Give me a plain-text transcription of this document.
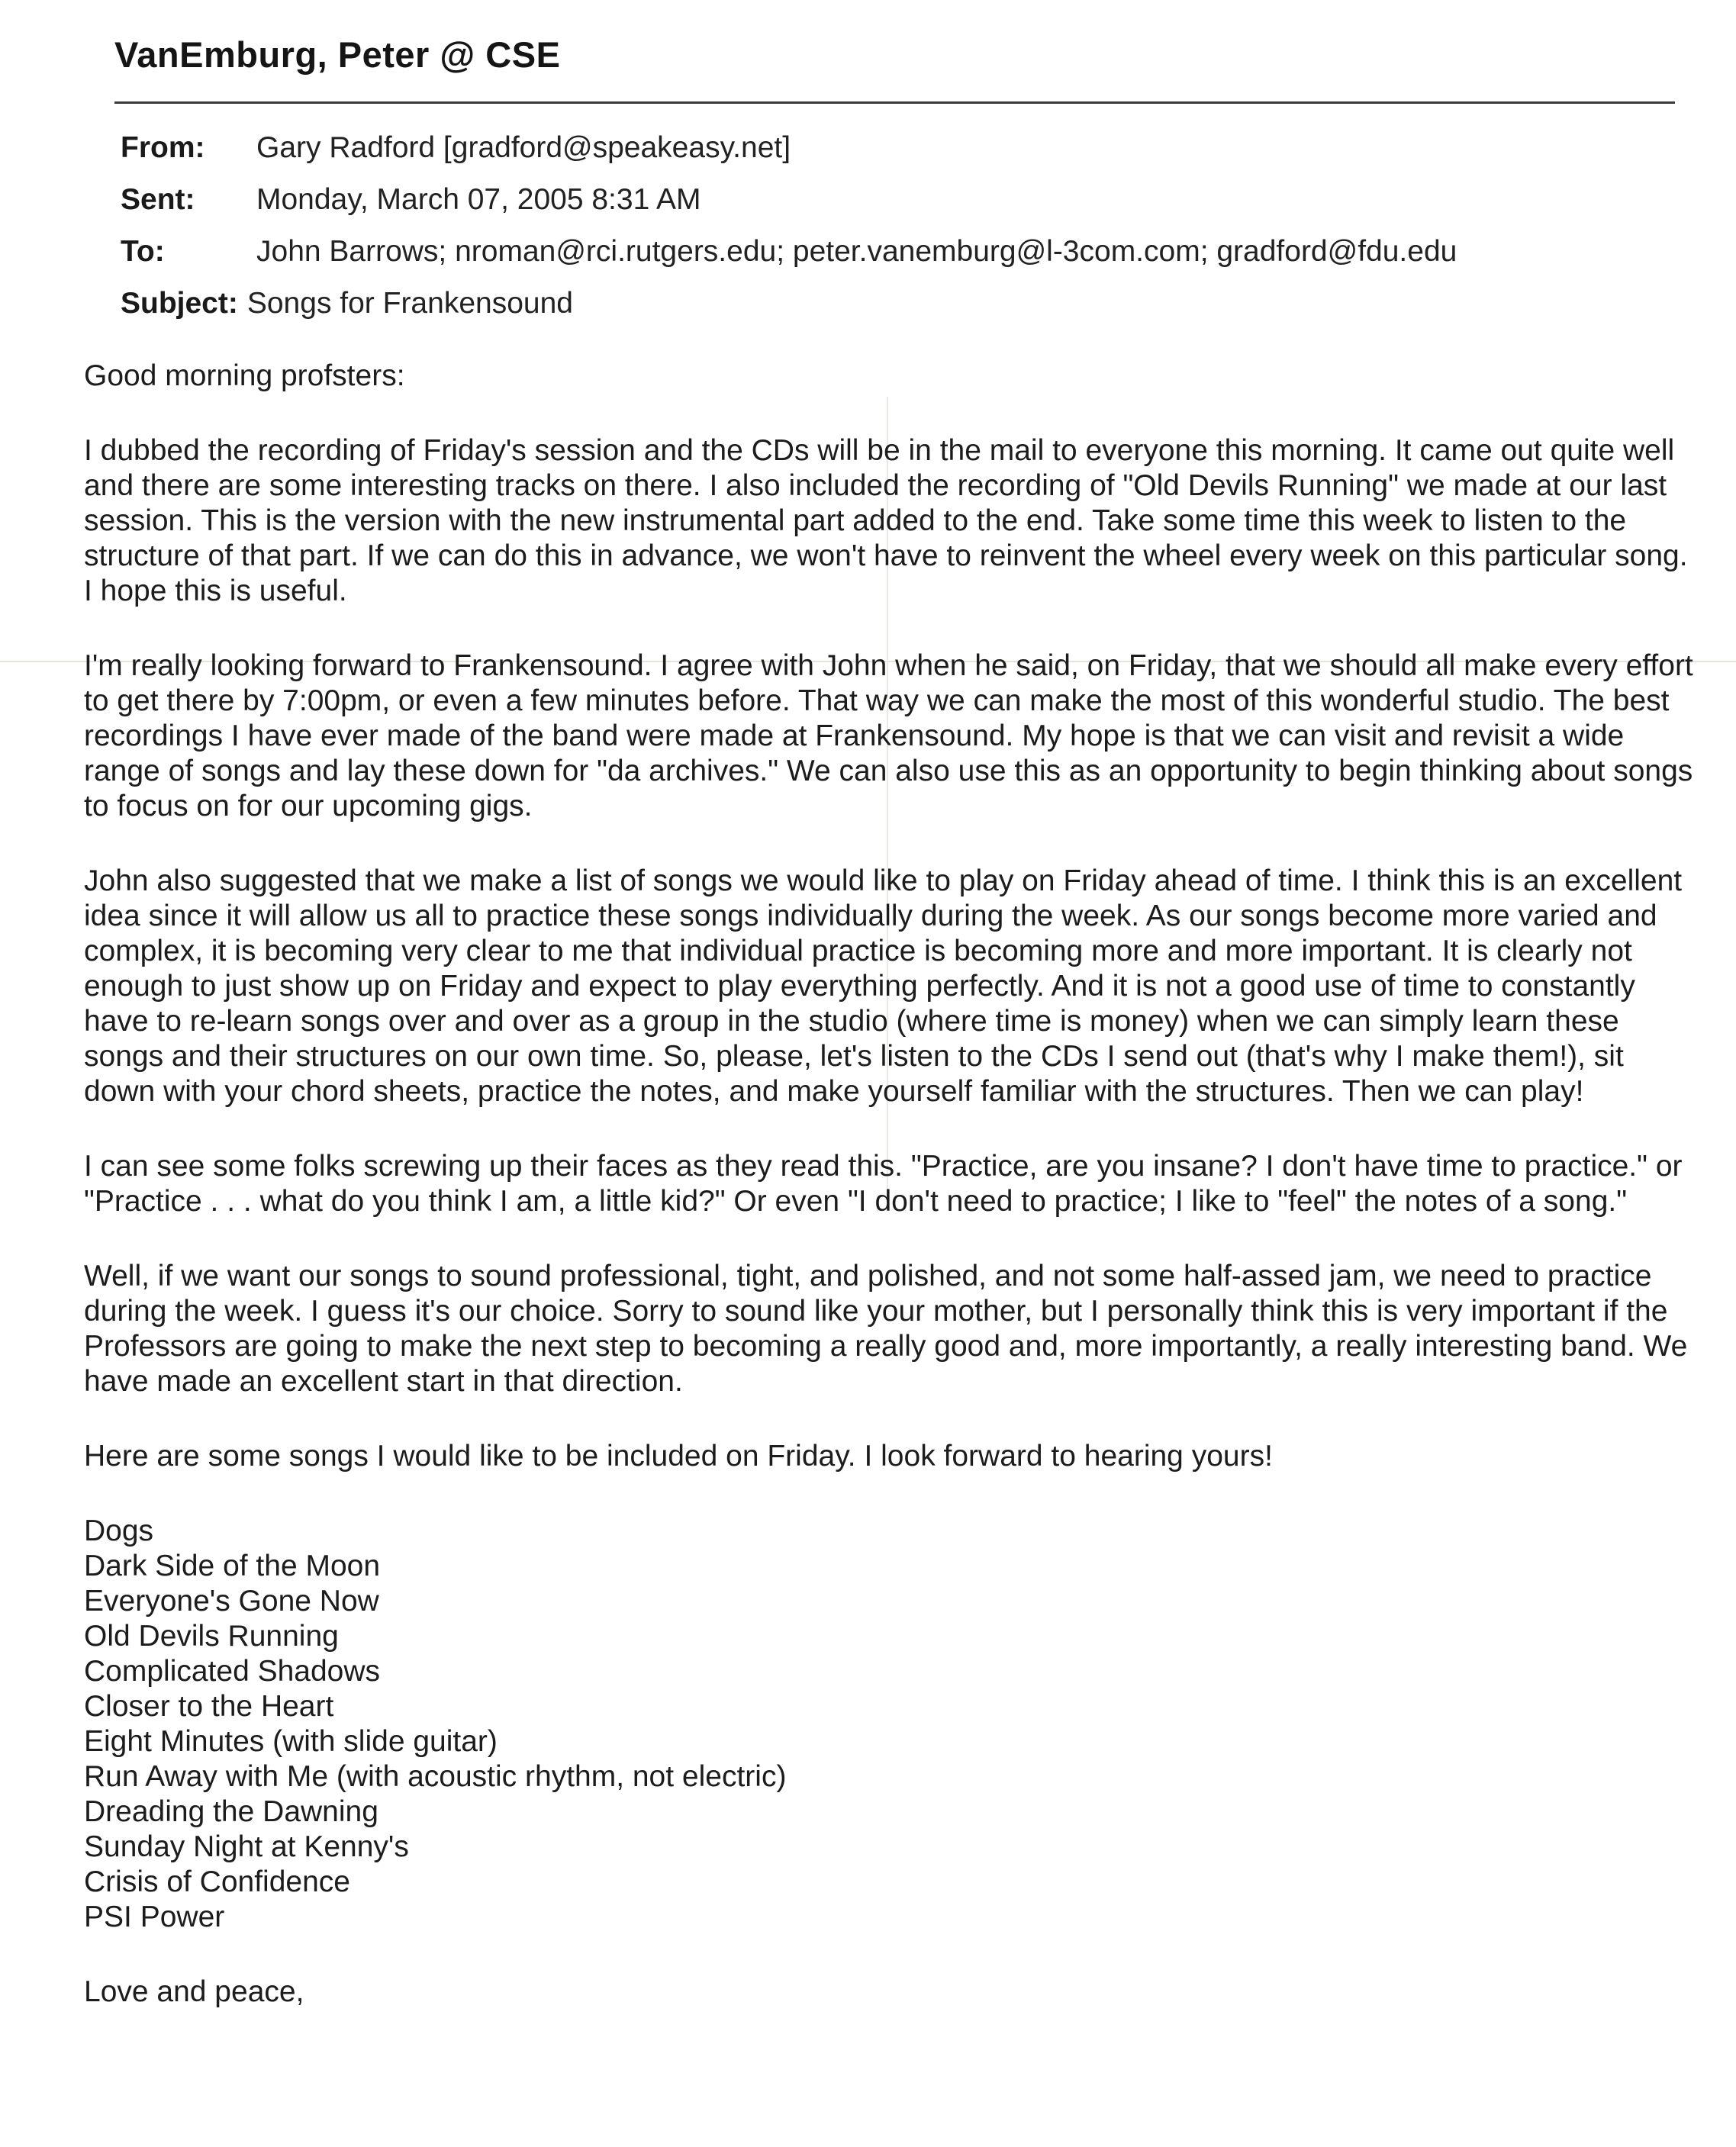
VanEmburg, Peter @ CSE
From:	Gary Radford [gradford@speakeasy.net]
Sent:	Monday, March 07, 2005 8:31 AM
To:	John Barrows; nroman@rci.rutgers.edu; peter.vanemburg@l-3com.com; gradford@fdu.edu
Subject: Songs for Frankensound

Good morning profsters:

I dubbed the recording of Friday's session and the CDs will be in the mail to everyone this morning. It came out quite well and there are some interesting tracks on there. I also included the recording of "Old Devils Running" we made at our last session. This is the version with the new instrumental part added to the end. Take some time this week to listen to the structure of that part. If we can do this in advance, we won't have to reinvent the wheel every week on this particular song. I hope this is useful.

I'm really looking forward to Frankensound. I agree with John when he said, on Friday, that we should all make every effort to get there by 7:00pm, or even a few minutes before. That way we can make the most of this wonderful studio. The best recordings I have ever made of the band were made at Frankensound. My hope is that we can visit and revisit a wide range of songs and lay these down for "da archives." We can also use this as an opportunity to begin thinking about songs to focus on for our upcoming gigs.

John also suggested that we make a list of songs we would like to play on Friday ahead of time. I think this is an excellent idea since it will allow us all to practice these songs individually during the week. As our songs become more varied and complex, it is becoming very clear to me that individual practice is becoming more and more important. It is clearly not enough to just show up on Friday and expect to play everything perfectly. And it is not a good use of time to constantly have to re-learn songs over and over as a group in the studio (where time is money) when we can simply learn these songs and their structures on our own time. So, please, let's listen to the CDs I send out (that's why I make them!), sit down with your chord sheets, practice the notes, and make yourself familiar with the structures. Then we can play!

I can see some folks screwing up their faces as they read this. "Practice, are you insane? I don't have time to practice." or "Practice . . . what do you think I am, a little kid?" Or even "I don't need to practice; I like to "feel" the notes of a song."

Well, if we want our songs to sound professional, tight, and polished, and not some half-assed jam, we need to practice during the week. I guess it's our choice. Sorry to sound like your mother, but I personally think this is very important if the Professors are going to make the next step to becoming a really good and, more importantly, a really interesting band. We have made an excellent start in that direction.

Here are some songs I would like to be included on Friday. I look forward to hearing yours!

Dogs
Dark Side of the Moon
Everyone's Gone Now
Old Devils Running
Complicated Shadows
Closer to the Heart
Eight Minutes (with slide guitar)
Run Away with Me (with acoustic rhythm, not electric)
Dreading the Dawning
Sunday Night at Kenny's
Crisis of Confidence
PSI Power

Love and peace,
